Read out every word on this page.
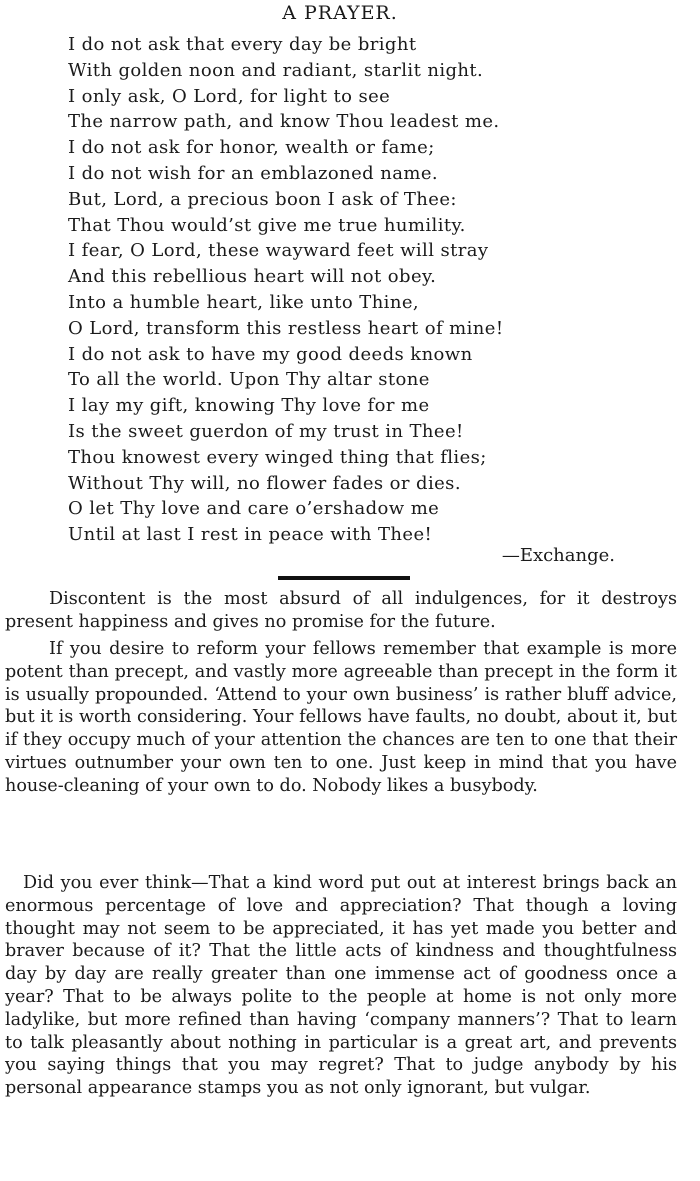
A PRAYER.
I do not ask that every day be bright
With golden noon and radiant, starlit night.
I only ask, O Lord, for light to see
The narrow path, and know Thou leadest me.
I do not ask for honor, wealth or fame;
I do not wish for an emblazoned name.
But, Lord, a precious boon I ask of Thee:
That Thou would’st give me true humility.
I fear, O Lord, these wayward feet will stray
And this rebellious heart will not obey.
Into a humble heart, like unto Thine,
O Lord, transform this restless heart of mine!
I do not ask to have my good deeds known
To all the world. Upon Thy altar stone
I lay my gift, knowing Thy love for me
Is the sweet guerdon of my trust in Thee!
Thou knowest every winged thing that flies;
Without Thy will, no flower fades or dies.
O let Thy love and care o’ershadow me
Until at last I rest in peace with Thee!
—Exchange.

Discontent is the most absurd of all indulgences, for it destroys present happiness and gives no promise for the future.

If you desire to reform your fellows remember that example is more potent than precept, and vastly more agreeable than precept in the form it is usually propounded. ‘Attend to your own business’ is rather bluff advice, but it is worth considering. Your fellows have faults, no doubt, about it, but if they occupy much of your attention the chances are ten to one that their virtues outnumber your own ten to one. Just keep in mind that you have house-cleaning of your own to do. Nobody likes a busybody.

Did you ever think—That a kind word put out at interest brings back an enormous percentage of love and appreciation? That though a loving thought may not seem to be appreciated, it has yet made you better and braver because of it? That the little acts of kindness and thoughtfulness day by day are really greater than one immense act of goodness once a year? That to be always polite to the people at home is not only more ladylike, but more refined than having ‘company manners’? That to learn to talk pleasantly about nothing in particular is a great art, and prevents you saying things that you may regret? That to judge anybody by his personal appearance stamps you as not only ignorant, but vulgar.
